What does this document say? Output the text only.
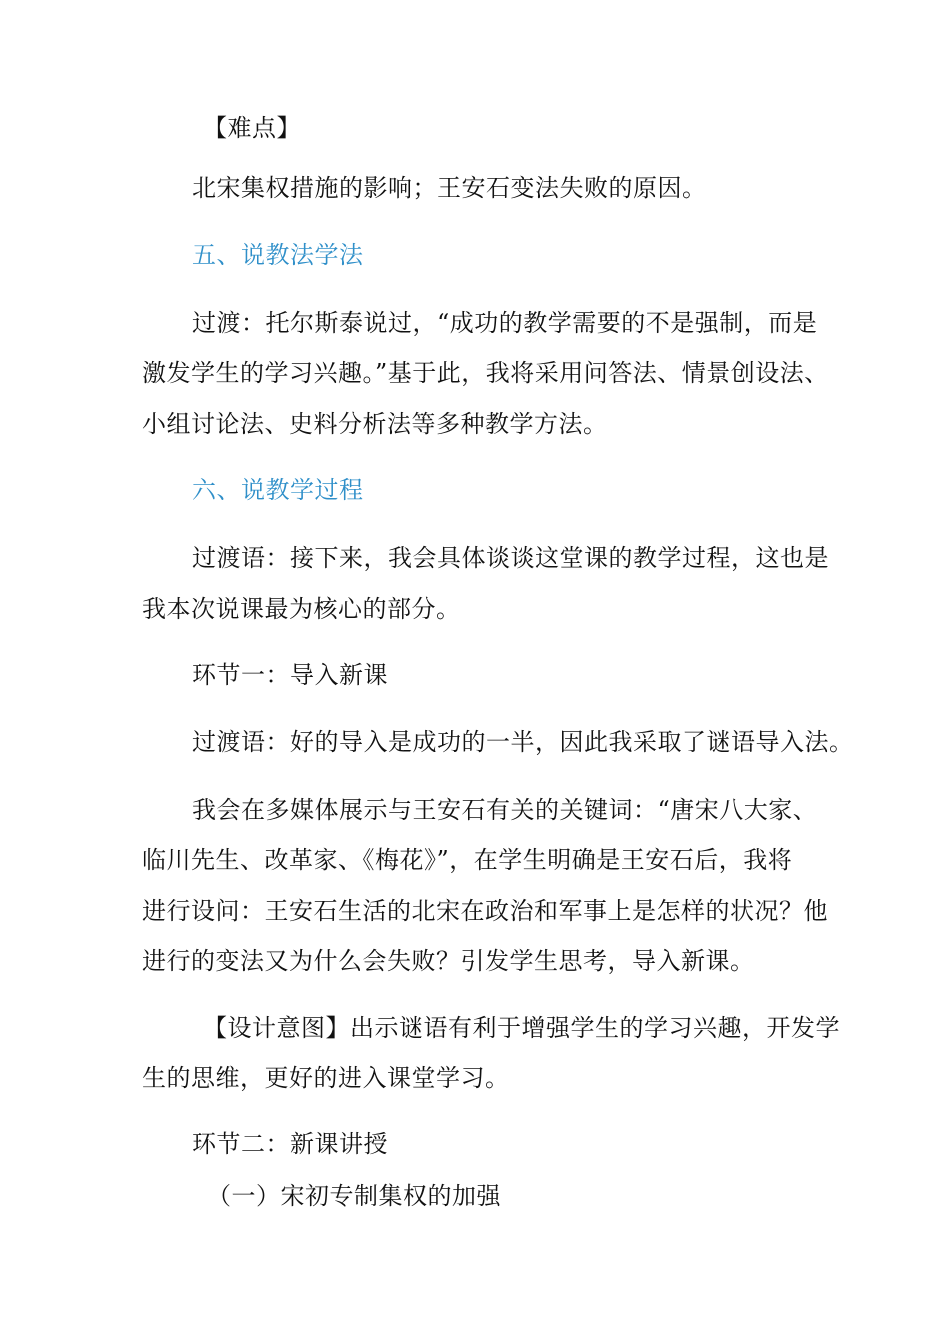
【难点】
北宋集权措施的影响；王安石变法失败的原因。
五、说教法学法
过渡：托尔斯泰说过，“成功的教学需要的不是强制，而是
激发学生的学习兴趣。”基于此，我将采用问答法、情景创设法、
小组讨论法、史料分析法等多种教学方法。
六、说教学过程
过渡语：接下来，我会具体谈谈这堂课的教学过程，这也是
我本次说课最为核心的部分。
环节一：导入新课
过渡语：好的导入是成功的一半，因此我采取了谜语导入法。
我会在多媒体展示与王安石有关的关键词：“唐宋八大家、
临川先生、改革家、《梅花》”，在学生明确是王安石后，我将
进行设问：王安石生活的北宋在政治和军事上是怎样的状况？他
进行的变法又为什么会失败？引发学生思考，导入新课。
【设计意图】出示谜语有利于增强学生的学习兴趣，开发学
生的思维，更好的进入课堂学习。
环节二：新课讲授
（一）宋初专制集权的加强
